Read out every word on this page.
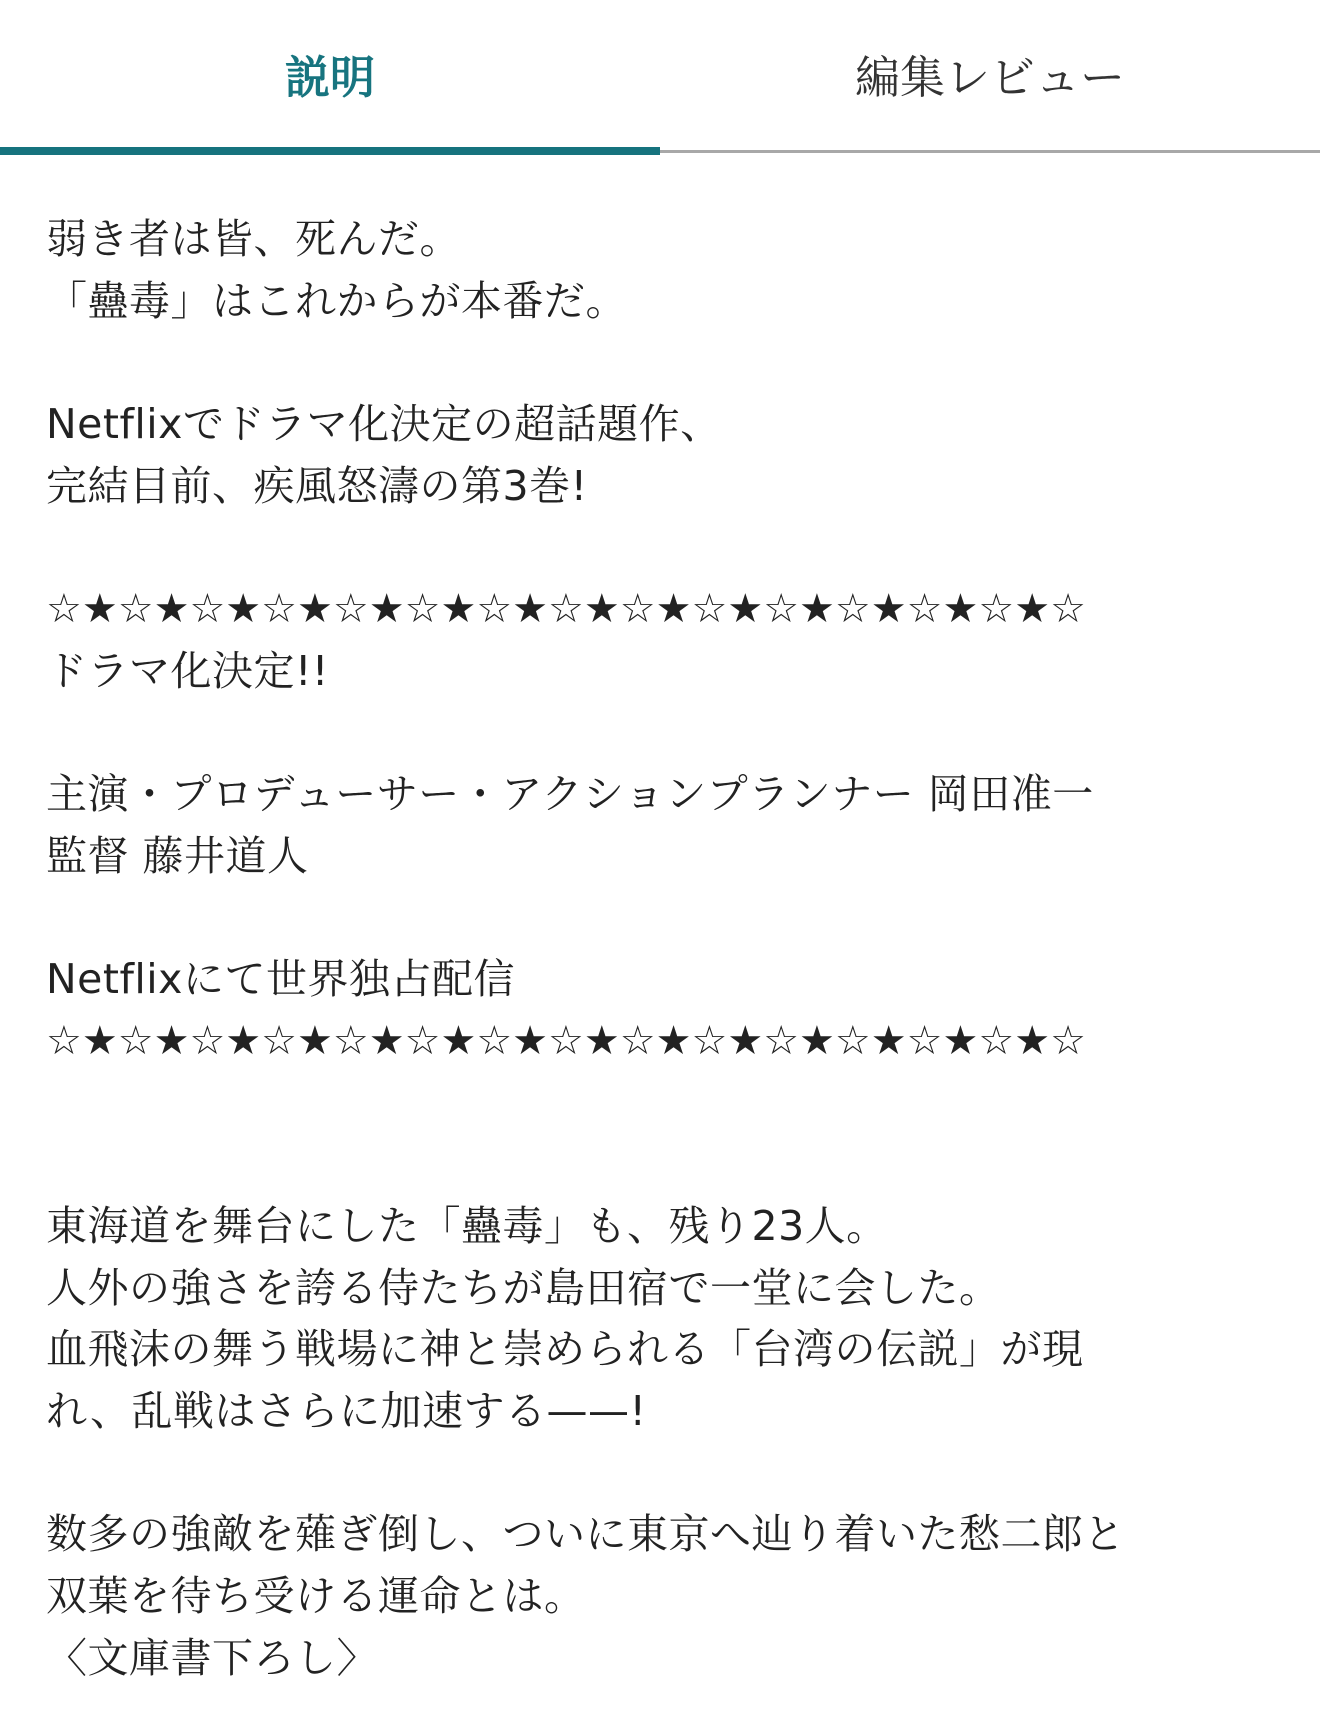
説明	編集レビュー
弱き者は皆、死んだ。
「蠱毒」はこれからが本番だ。
Netflixでドラマ化決定の超話題作、
完結目前、疾風怒濤の第3巻!
☆★☆★☆★☆★☆★☆★☆★☆★☆★☆★☆★☆★☆★☆★☆
ドラマ化決定!!
主演・プロデューサー・アクションプランナー 岡田准一
監督 藤井道人
Netflixにて世界独占配信
☆★☆★☆★☆★☆★☆★☆★☆★☆★☆★☆★☆★☆★☆★☆
東海道を舞台にした「蠱毒」も、残り23人。
人外の強さを誇る侍たちが島田宿で一堂に会した。
血飛沫の舞う戦場に神と崇められる「台湾の伝説」が現
れ、乱戦はさらに加速する——!
数多の強敵を薙ぎ倒し、ついに東京へ辿り着いた愁二郎と
双葉を待ち受ける運命とは。
〈文庫書下ろし〉
